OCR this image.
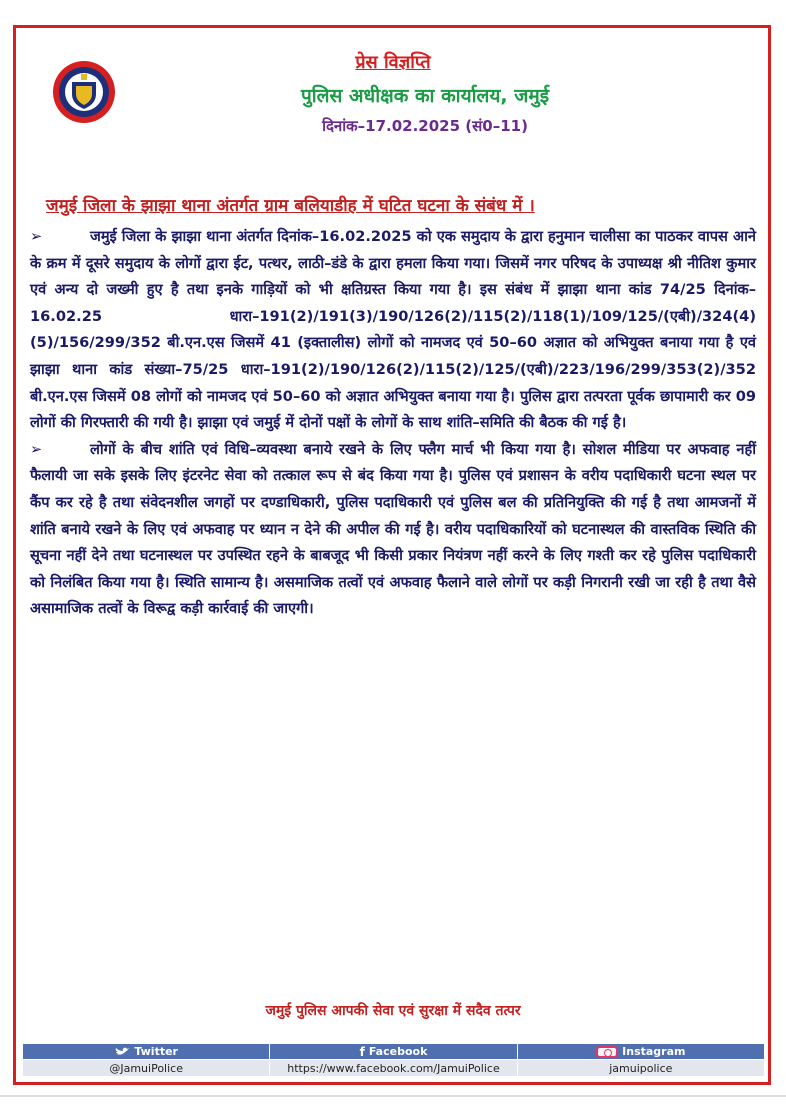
प्रेस विज्ञप्ति
पुलिस अधीक्षक का कार्यालय, जमुई
दिनांक–17.02.2025 (सं0–11)
जमुई जिला के झाझा थाना अंतर्गत ग्राम बलियाडीह में घटित घटना के संबंध में ।

➢	जमुई जिला के झाझा थाना अंतर्गत दिनांक–16.02.2025 को एक समुदाय के द्वारा हनुमान चालीसा का पाठकर वापस आने के क्रम में दूसरे समुदाय के लोगों द्वारा ईट, पत्थर, लाठी–डंडे के द्वारा हमला किया गया। जिसमें नगर परिषद के उपाध्यक्ष श्री नीतिश कुमार एवं अन्य दो जख्मी हुए है तथा इनके गाड़ियों को भी क्षतिग्रस्त किया गया है। इस संबंध में झाझा थाना कांड 74/25 दिनांक–16.02.25 धारा–191(2)/191(3)/190/126(2)/115(2)/118(1)/109/125/(एबी)/324(4)(5)/156/299/352 बी.एन.एस जिसमें 41 (इक्तालीस) लोगों को नामजद एवं 50–60 अज्ञात को अभियुक्त बनाया गया है एवं झाझा थाना कांड संख्या–75/25 धारा–191(2)/190/126(2)/115(2)/125/(एबी)/223/196/299/353(2)/352 बी.एन.एस जिसमें 08 लोगों को नामजद एवं 50–60 को अज्ञात अभियुक्त बनाया गया है। पुलिस द्वारा तत्परता पूर्वक छापामारी कर 09 लोगों की गिरफ्तारी की गयी है। झाझा एवं जमुई में दोनों पक्षों के लोगों के साथ शांति–समिति की बैठक की गई है।

➢	लोगों के बीच शांति एवं विधि–व्यवस्था बनाये रखने के लिए फ्लैग मार्च भी किया गया है। सोशल मीडिया पर अफवाह नहीं फैलायी जा सके इसके लिए इंटरनेट सेवा को तत्काल रूप से बंद किया गया है। पुलिस एवं प्रशासन के वरीय पदाधिकारी घटना स्थल पर कैंप कर रहे है तथा संवेदनशील जगहों पर दण्डाधिकारी, पुलिस पदाधिकारी एवं पुलिस बल की प्रतिनियुक्ति की गई है तथा आमजनों में शांति बनाये रखने के लिए एवं अफवाह पर ध्यान न देने की अपील की गई है। वरीय पदाधिकारियों को घटनास्थल की वास्तविक स्थिति की सूचना नहीं देने तथा घटनास्थल पर उपस्थित रहने के बाबजूद भी किसी प्रकार नियंत्रण नहीं करने के लिए गश्ती कर रहे पुलिस पदाधिकारी को निलंबित किया गया है। स्थिति सामान्य है। असमाजिक तत्वों एवं अफवाह फैलाने वाले लोगों पर कड़ी निगरानी रखी जा रही है तथा वैसे असामाजिक तत्वों के विरूद्व कड़ी कार्रवाई की जाएगी।

जमुई पुलिस आपकी सेवा एवं सुरक्षा में सदैव तत्पर
Twitter	f Facebook	Instagram
@JamuiPolice	https://www.facebook.com/JamuiPolice	jamuipolice
